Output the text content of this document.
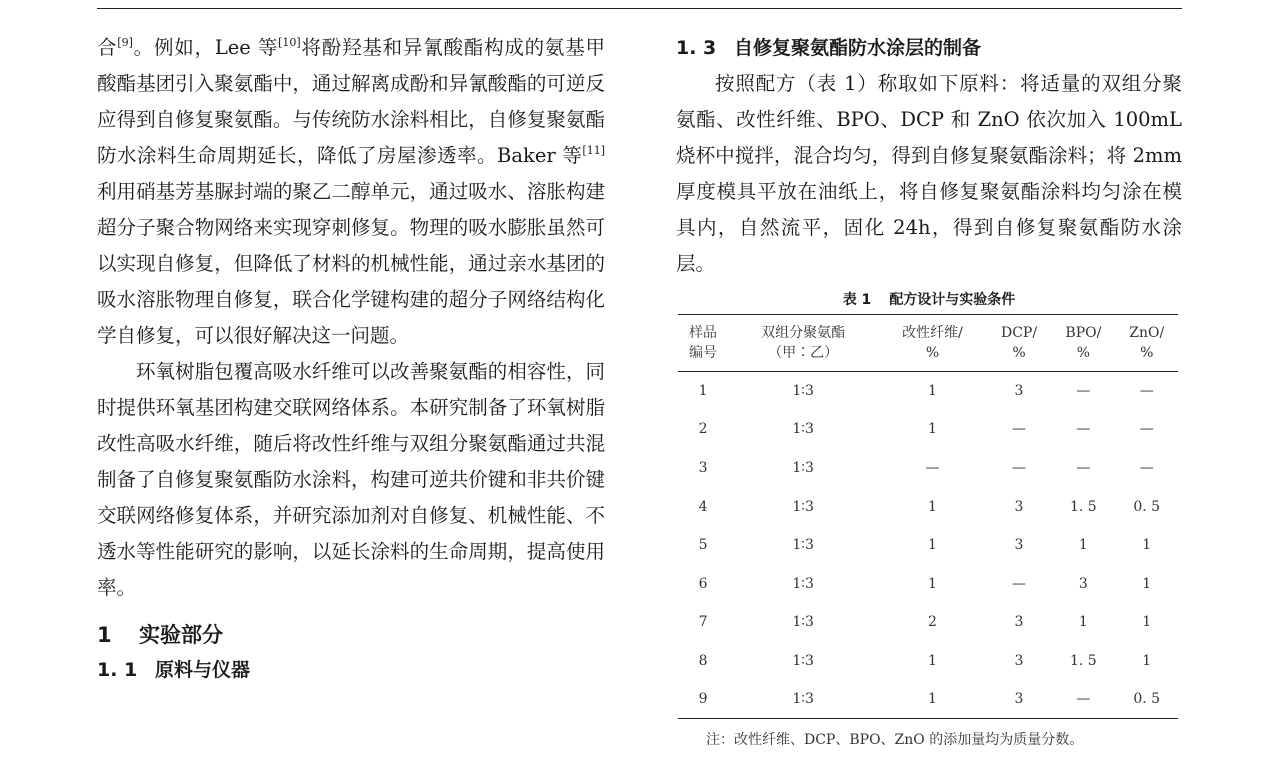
合[9]。例如，Lee 等[10]将酚羟基和异氰酸酯构成的氨基甲酸酯基团引入聚氨酯中，通过解离成酚和异氰酸酯的可逆反应得到自修复聚氨酯。与传统防水涂料相比，自修复聚氨酯防水涂料生命周期延长，降低了房屋渗透率。Baker 等[11]利用硝基芳基脲封端的聚乙二醇单元，通过吸水、溶胀构建超分子聚合物网络来实现穿刺修复。物理的吸水膨胀虽然可以实现自修复，但降低了材料的机械性能，通过亲水基团的吸水溶胀物理自修复，联合化学键构建的超分子网络结构化学自修复，可以很好解决这一问题。

环氧树脂包覆高吸水纤维可以改善聚氨酯的相容性，同时提供环氧基团构建交联网络体系。本研究制备了环氧树脂改性高吸水纤维，随后将改性纤维与双组分聚氨酯通过共混制备了自修复聚氨酯防水涂料，构建可逆共价键和非共价键交联网络修复体系，并研究添加剂对自修复、机械性能、不透水等性能研究的影响，以延长涂料的生命周期，提高使用率。

1 实验部分
1. 1 原料与仪器
1. 3 自修复聚氨酯防水涂层的制备

按照配方（表 1）称取如下原料：将适量的双组分聚氨酯、改性纤维、BPO、DCP 和 ZnO 依次加入 100mL 烧杯中搅拌，混合均匀，得到自修复聚氨酯涂料；将 2mm 厚度模具平放在油纸上，将自修复聚氨酯涂料均匀涂在模具内，自然流平，固化 24h，得到自修复聚氨酯防水涂层。

表 1 配方设计与实验条件
样品	双组分聚氨酯	改性纤维/	DCP/	BPO/	ZnO/
编号	（甲∶乙）	%	%	%	%
1	1∶3	1	3	—	—
2	1∶3	1	—	—	—
3	1∶3	—	—	—	—
4	1∶3	1	3	1. 5	0. 5
5	1∶3	1	3	1	1
6	1∶3	1	—	3	1
7	1∶3	2	3	1	1
8	1∶3	1	3	1. 5	1
9	1∶3	1	3	—	0. 5

注：改性纤维、DCP、BPO、ZnO 的添加量均为质量分数。
